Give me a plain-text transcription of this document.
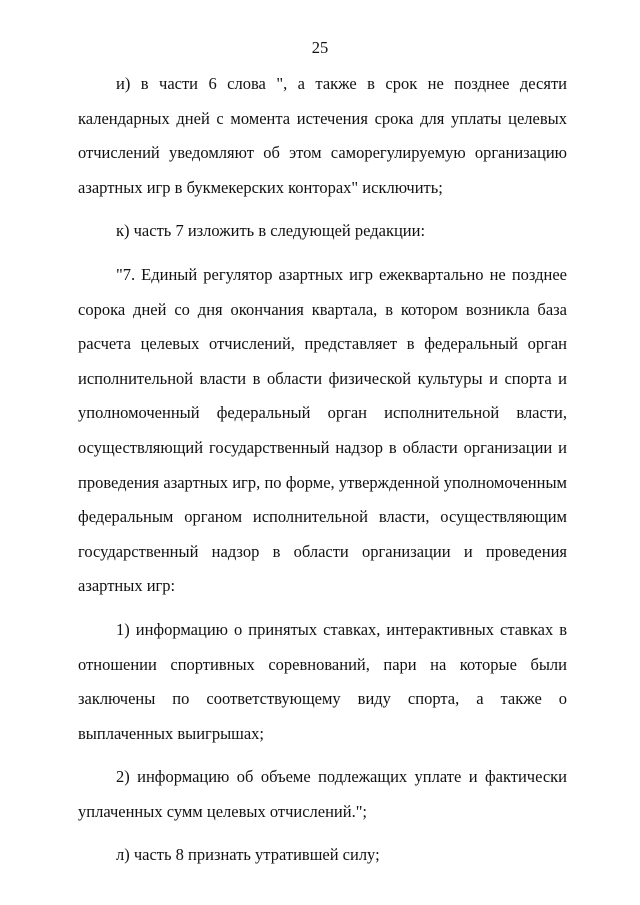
25

и) в части 6 слова ", а также в срок не позднее десяти календарных дней с момента истечения срока для уплаты целевых отчислений уведомляют об этом саморегулируемую организацию азартных игр в букмекерских конторах" исключить;

к) часть 7 изложить в следующей редакции:

"7. Единый регулятор азартных игр ежеквартально не позднее сорока дней со дня окончания квартала, в котором возникла база расчета целевых отчислений, представляет в федеральный орган исполнительной власти в области физической культуры и спорта и уполномоченный федеральный орган исполнительной власти, осуществляющий государственный надзор в области организации и проведения азартных игр, по форме, утвержденной уполномоченным федеральным органом исполнительной власти, осуществляющим государственный надзор в области организации и проведения азартных игр:

1) информацию о принятых ставках, интерактивных ставках в отношении спортивных соревнований, пари на которые были заключены по соответствующему виду спорта, а также о выплаченных выигрышах;

2) информацию об объеме подлежащих уплате и фактически уплаченных сумм целевых отчислений.";

л) часть 8 признать утратившей силу;
